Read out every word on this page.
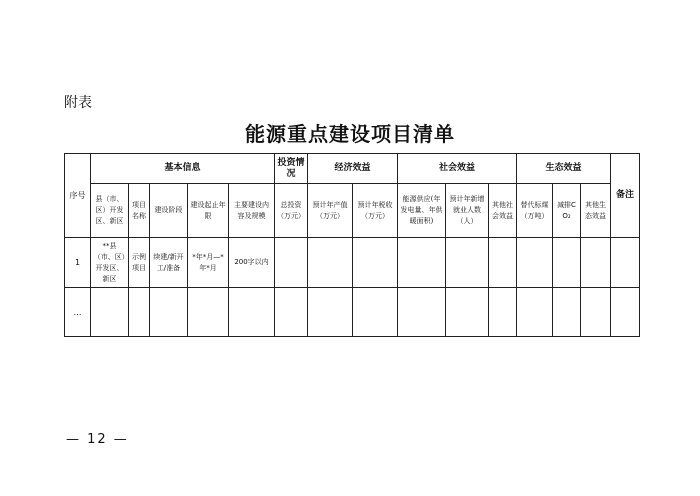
附表
能源重点建设项目清单
序号	基本信息					投资情况	经济效益		社会效益			生态效益			备注
	县（市、区）开发区、新区	项目名称	建设阶段	建设起止年限	主要建设内容及规模	总投资（万元）	预计年产值（万元）	预计年税收（万元）	能源供应(年发电量、年供暖面积)	预计年新增就业人数（人）	其他社会效益	替代标煤（万吨）	减排CO₂	其他生态效益	
1	**县（市、区）开发区、新区	示例项目	续建/新开工/准备	*年*月—*年*月	200字以内										
…															
— 12 —
